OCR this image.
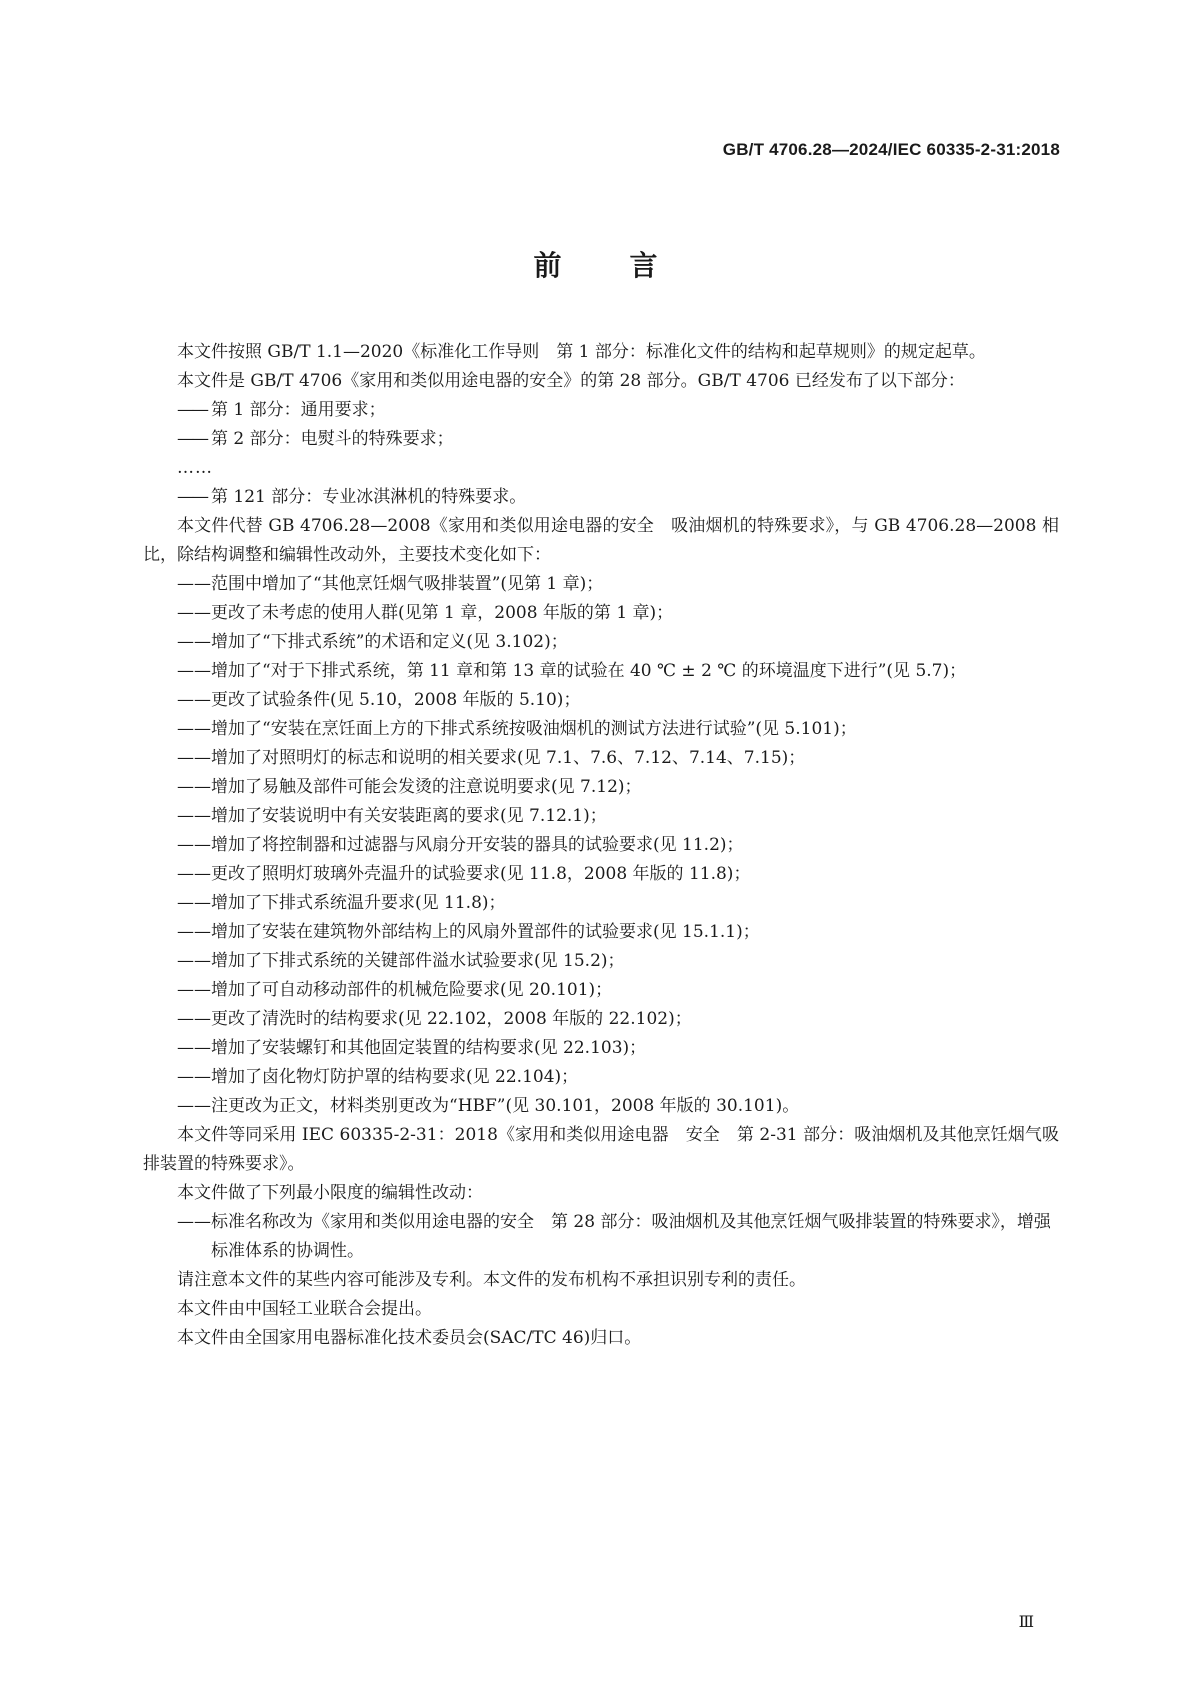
GB/T 4706.28—2024/IEC 60335-2-31:2018
前 言
本文件按照 GB/T 1.1—2020《标准化工作导则　第 1 部分：标准化文件的结构和起草规则》的规定起草。
本文件是 GB/T 4706《家用和类似用途电器的安全》的第 28 部分。GB/T 4706 已经发布了以下部分：
—— 第 1 部分：通用要求；
—— 第 2 部分：电熨斗的特殊要求；
……
—— 第 121 部分：专业冰淇淋机的特殊要求。
本文件代替 GB 4706.28—2008《家用和类似用途电器的安全　吸油烟机的特殊要求》，与 GB 4706.28—2008 相比，除结构调整和编辑性改动外，主要技术变化如下：
——范围中增加了“其他烹饪烟气吸排装置”(见第 1 章)；
——更改了未考虑的使用人群(见第 1 章，2008 年版的第 1 章)；
——增加了“下排式系统”的术语和定义(见 3.102)；
——增加了“对于下排式系统，第 11 章和第 13 章的试验在 40 ℃ ± 2 ℃ 的环境温度下进行”(见 5.7)；
——更改了试验条件(见 5.10，2008 年版的 5.10)；
——增加了“安装在烹饪面上方的下排式系统按吸油烟机的测试方法进行试验”(见 5.101)；
——增加了对照明灯的标志和说明的相关要求(见 7.1、7.6、7.12、7.14、7.15)；
——增加了易触及部件可能会发烫的注意说明要求(见 7.12)；
——增加了安装说明中有关安装距离的要求(见 7.12.1)；
——增加了将控制器和过滤器与风扇分开安装的器具的试验要求(见 11.2)；
——更改了照明灯玻璃外壳温升的试验要求(见 11.8，2008 年版的 11.8)；
——增加了下排式系统温升要求(见 11.8)；
——增加了安装在建筑物外部结构上的风扇外置部件的试验要求(见 15.1.1)；
——增加了下排式系统的关键部件溢水试验要求(见 15.2)；
——增加了可自动移动部件的机械危险要求(见 20.101)；
——更改了清洗时的结构要求(见 22.102，2008 年版的 22.102)；
——增加了安装螺钉和其他固定装置的结构要求(见 22.103)；
——增加了卤化物灯防护罩的结构要求(见 22.104)；
——注更改为正文，材料类别更改为“HBF”(见 30.101，2008 年版的 30.101)。
本文件等同采用 IEC 60335-2-31：2018《家用和类似用途电器　安全　第 2-31 部分：吸油烟机及其他烹饪烟气吸排装置的特殊要求》。
本文件做了下列最小限度的编辑性改动：
——标准名称改为《家用和类似用途电器的安全　第 28 部分：吸油烟机及其他烹饪烟气吸排装置的特殊要求》，增强标准体系的协调性。
请注意本文件的某些内容可能涉及专利。本文件的发布机构不承担识别专利的责任。
本文件由中国轻工业联合会提出。
本文件由全国家用电器标准化技术委员会(SAC/TC 46)归口。
Ⅲ
